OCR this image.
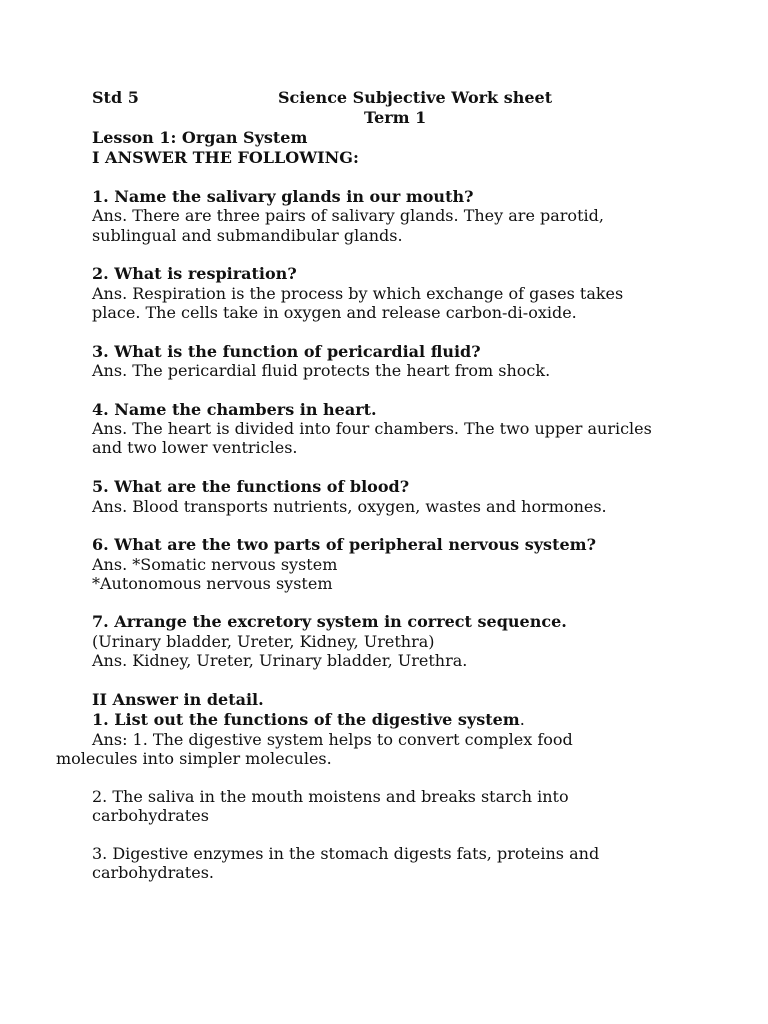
Std 5	Science Subjective Work sheet
Term 1
Lesson 1: Organ System
I ANSWER THE FOLLOWING:
1. Name the salivary glands in our mouth?
Ans. There are three pairs of salivary glands. They are parotid,
sublingual and submandibular glands.
2. What is respiration?
Ans. Respiration is the process by which exchange of gases takes
place. The cells take in oxygen and release carbon-di-oxide.
3. What is the function of pericardial fluid?
Ans. The pericardial fluid protects the heart from shock.
4. Name the chambers in heart.
Ans. The heart is divided into four chambers. The two upper auricles
and two lower ventricles.
5. What are the functions of blood?
Ans. Blood transports nutrients, oxygen, wastes and hormones.
6. What are the two parts of peripheral nervous system?
Ans. *Somatic nervous system
*Autonomous nervous system
7. Arrange the excretory system in correct sequence.
(Urinary bladder, Ureter, Kidney, Urethra)
Ans. Kidney, Ureter, Urinary bladder, Urethra.
II Answer in detail.
1. List out the functions of the digestive system.
Ans: 1. The digestive system helps to convert complex food
molecules into simpler molecules.
2. The saliva in the mouth moistens and breaks starch into
carbohydrates
3. Digestive enzymes in the stomach digests fats, proteins and
carbohydrates.
